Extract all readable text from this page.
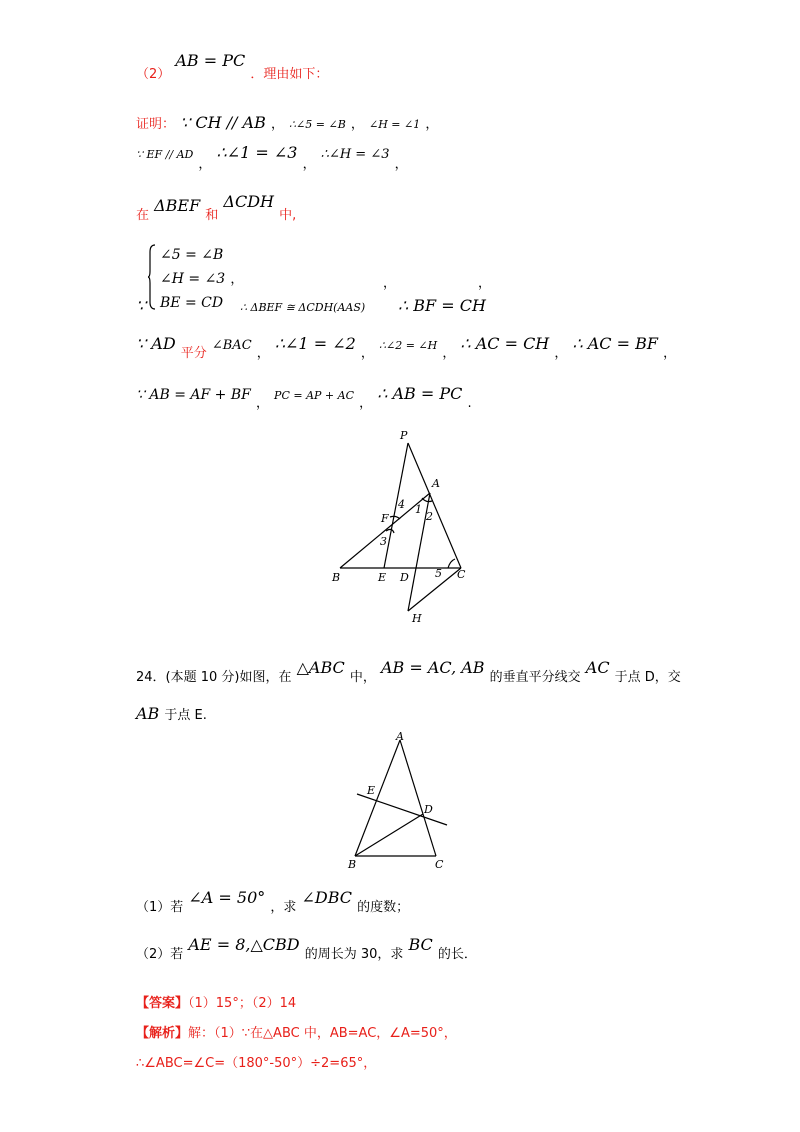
（2） AB = PC ．理由如下：
证明： ∵ CH // AB ， ∴∠5 = ∠B ， ∠H = ∠1 ，
∵ EF // AD $_,$ ∴∠1 = ∠3 $_,$ ∴∠H = ∠3 $_,$
$_在$ ΔBEF $_和$ ΔCDH $_{中,}$
∠5 = ∠B
∠H = ∠3 ，
BE = CD
∵	∴ ΔBEF ≅ ΔCDH(AAS)
，	，
∴ BF = CH
∵ AD $_{平分}$ ∠BAC $_,$ ∴∠1 = ∠2 $_,$ ∴∠2 = ∠H $_,$ ∴ AC = CH $_,$ ∴ AC = BF $_,$
∵ AB = AF + BF $_,$ PC = AP + AC $_,$ ∴ AB = PC $_.$
P
A
F
B	E D	C
H
1
2
3
4
5
$_{24.(本题 10 分)如图,在}$ △ABC $_{中,}$ AB = AC, AB $_{的垂直平分线交}$ AC $_{于点 D,交}$
AB 于点 E.
A
E
D
B	C
$_{(1)若}$ ∠A = 50° $_{,求}$ ∠DBC $_{的度数;}$
$_{(2)若}$ AE = 8,△CBD $_{的周长为 30,求}$ BC $_{的长.}$
【答案】（1）15°；（2）14
【解析】解：（1）∵在△ABC 中，AB=AC，∠A=50°，
∴∠ABC=∠C=（180°-50°）÷2=65°，
